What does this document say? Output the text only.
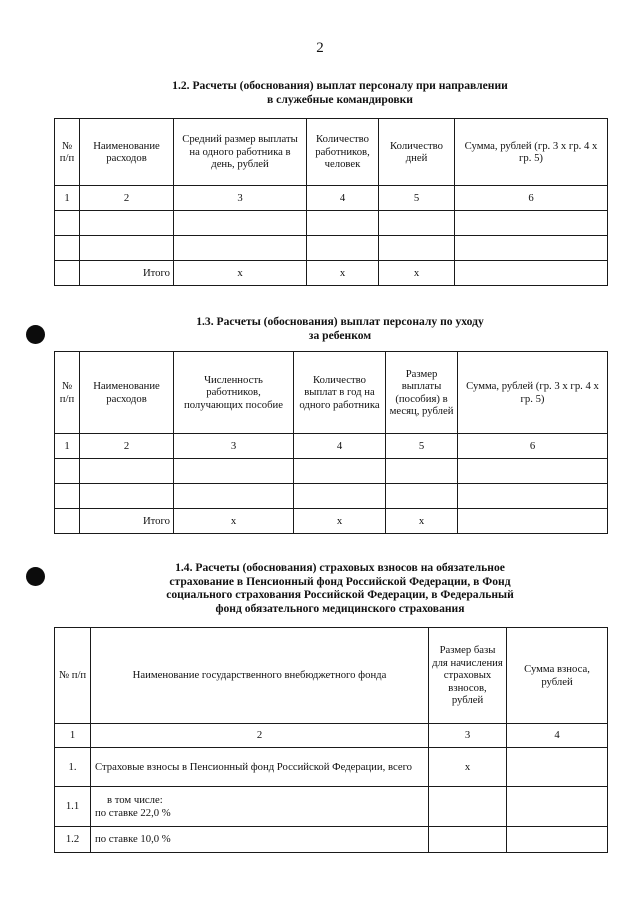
2
1.2. Расчеты (обоснования) выплат персоналу при направлении
в служебные командировки
№ п/п	Наименование расходов	Средний размер выплаты на одного работника в день, рублей	Количество работников, человек	Количество дней	Сумма, рублей (гр. 3 x гр. 4 x гр. 5)
1	2	3	4	5	6

	Итого	x	x	x	
1.3. Расчеты (обоснования) выплат персоналу по уходу
за ребенком
№ п/п	Наименование расходов	Численность работников, получающих пособие	Количество выплат в год на одного работника	Размер выплаты (пособия) в месяц, рублей	Сумма, рублей (гр. 3 x гр. 4 x гр. 5)
1	2	3	4	5	6

	Итого	x	x	x	
1.4. Расчеты (обоснования) страховых взносов на обязательное
страхование в Пенсионный фонд Российской Федерации, в Фонд
социального страхования Российской Федерации, в Федеральный
фонд обязательного медицинского страхования
№ п/п	Наименование государственного внебюджетного фонда	Размер базы для начисления страховых взносов, рублей	Сумма взноса, рублей
1	2	3	4
1.	Страховые взносы в Пенсионный фонд Российской Федерации, всего	x	
1.1	в том числе:
по ставке 22,0 %		

1.2	по ставке 10,0 %		
